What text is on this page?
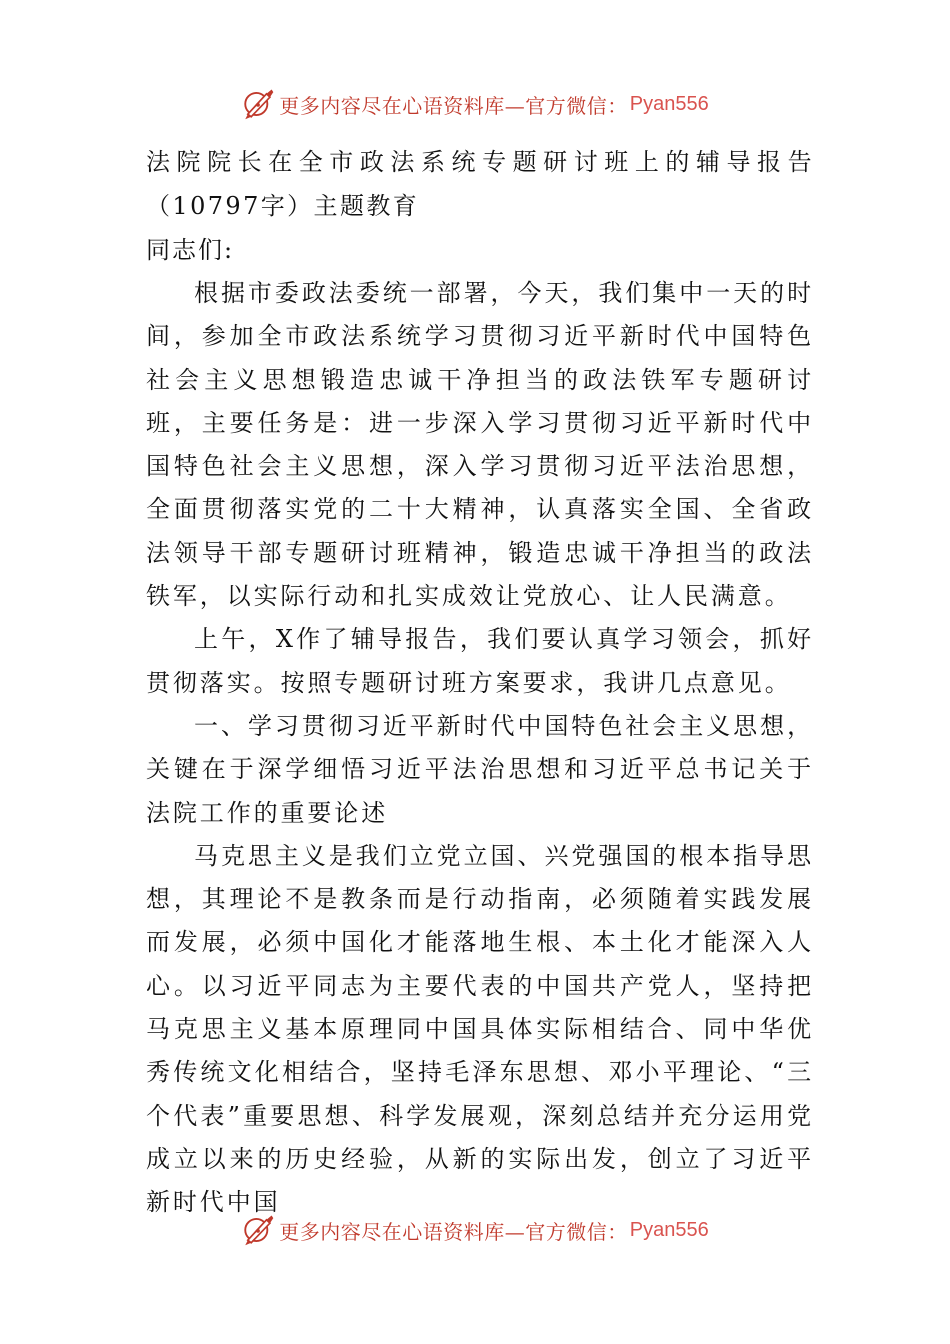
更多内容尽在心语资料库—官方微信： Pyan556
法院院长在全市政法系统专题研讨班上的辅导报告（10797字）主题教育

同志们:

根据市委政法委统一部署，今天，我们集中一天的时间，参加全市政法系统学习贯彻习近平新时代中国特色社会主义思想锻造忠诚干净担当的政法铁军专题研讨班，主要任务是：进一步深入学习贯彻习近平新时代中国特色社会主义思想，深入学习贯彻习近平法治思想，全面贯彻落实党的二十大精神，认真落实全国、全省政法领导干部专题研讨班精神，锻造忠诚干净担当的政法铁军，以实际行动和扎实成效让党放心、让人民满意。

上午，X作了辅导报告，我们要认真学习领会，抓好贯彻落实。按照专题研讨班方案要求，我讲几点意见。

一、学习贯彻习近平新时代中国特色社会主义思想，关键在于深学细悟习近平法治思想和习近平总书记关于法院工作的重要论述

马克思主义是我们立党立国、兴党强国的根本指导思想，其理论不是教条而是行动指南，必须随着实践发展而发展，必须中国化才能落地生根、本土化才能深入人心。以习近平同志为主要代表的中国共产党人，坚持把马克思主义基本原理同中国具体实际相结合、同中华优秀传统文化相结合，坚持毛泽东思想、邓小平理论、“三个代表”重要思想、科学发展观，深刻总结并充分运用党成立以来的历史经验，从新的实际出发，创立了习近平新时代中国

更多内容尽在心语资料库—官方微信： Pyan556
